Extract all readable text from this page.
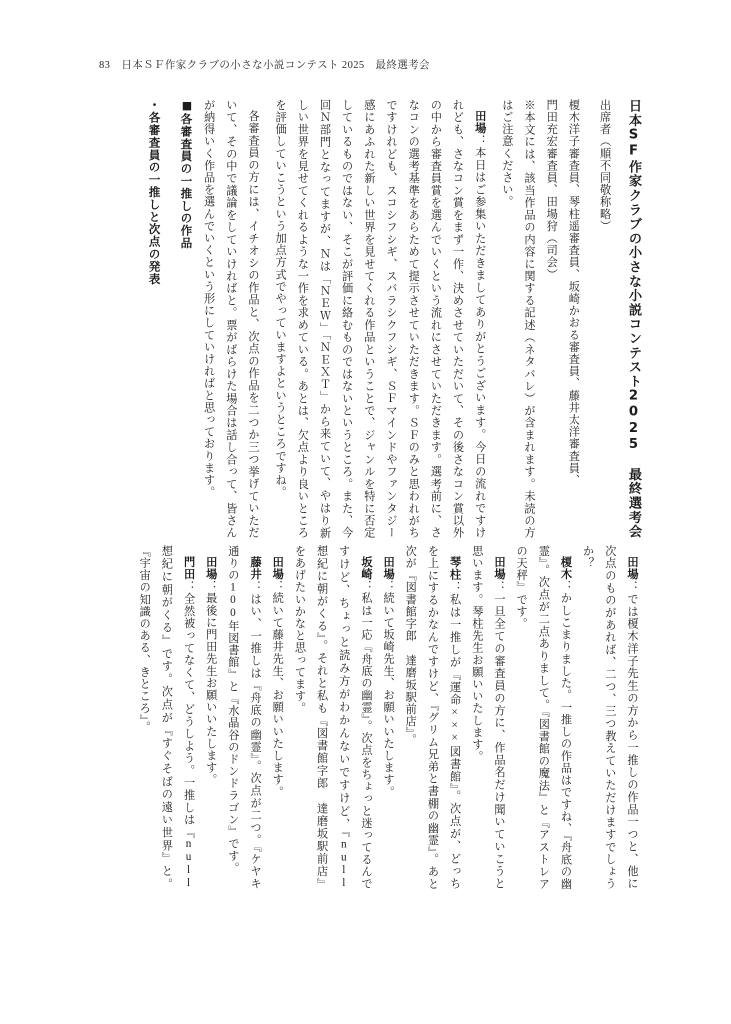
83 日本ＳＦ作家クラブの小さな小説コンテスト 2025　最終選考会

日本SF作家クラブの小さな小説コンテスト2025　最終選考会

出席者（順不同敬称略）

榎木洋子審査員、琴柱遥審査員、坂崎かおる審査員、藤井太洋審査員、

門田充宏審査員、田場狩（司会）

※本文には、該当作品の内容に関する記述（ネタバレ）が含まれます。未読の方はご注意ください。

田場：本日はご参集いただきましてありがとうございます。今日の流れですけれども、さなコン賞をまず一作、決めさせていただいて、その後さなコン賞以外の中から審査員賞を選んでいくという流れにさせていただきます。選考前に、さなコンの選考基準をあらためて提示させていただきます。ＳＦのみと思われがちですけれども、スコシフシギ、スバラシクフシギ、ＳＦマインドやファンタジー感にあふれた新しい世界を見せてくれる作品ということで、ジャンルを特に否定しているものではない、そこが評価に絡むものではないというところ。また、今回Ｎ部門となってますが、Ｎは「ＮＥＷ」「ＮＥＸＴ」から来ていて、やはり新しい世界を見せてくれるような一作を求めている。あとは、欠点より良いところを評価していこうという加点方式でやっていますよというところですね。

各審査員の方には、イチオシの作品と、次点の作品を二つか三つ挙げていただいて、その中で議論をしていければと。票がばらけた場合は話し合って、皆さんが納得いく作品を選んでいくという形にしていければと思っております。

■ 各審査員の一推しの作品

・ 各審査員の一推しと次点の発表

田場：では榎木洋子先生の方から一推しの作品一つと、他に次点のものがあれば、二つ、三つ教えていただけますでしょうか？

榎木：かしこまりました。一推しの作品はですね、『舟底の幽霊』。次点が二点ありまして。『図書館の魔法』と『アストレアの天秤』です。

田場：一旦全ての審査員の方に、作品名だけ聞いていこうと思います。琴柱先生お願いいたします。

琴柱：私は一推しが『運命×××図書館』。次点が、どっちを上にするかなんですけど、『グリム兄弟と書棚の幽霊』。あと次が『図書館字郎 達磨坂駅前店』。

田場：続いて坂崎先生、お願いいたします。

坂崎：私は一応『舟底の幽霊』。次点をちょっと迷ってるんですけど、ちょっと読み方がわかんないですけど、『null 想紀に朝がくる』。それと私も『図書館字郎 達磨坂駅前店』をあげたいかなと思ってます。

田場：続いて藤井先生、お願いいたします。

藤井：はい、一推しは『舟底の幽霊』。次点が二つ。『ケヤキ通りの100年図書館』と『水晶谷のドンドラゴン』です。

田場：最後に門田先生お願いいたします。

門田：全然被ってなくて、どうしよう。一推しは『null 想紀に朝がくる』です。次点が『すぐそばの遠い世界』と。『宇宙の知識のある、きところ』。
